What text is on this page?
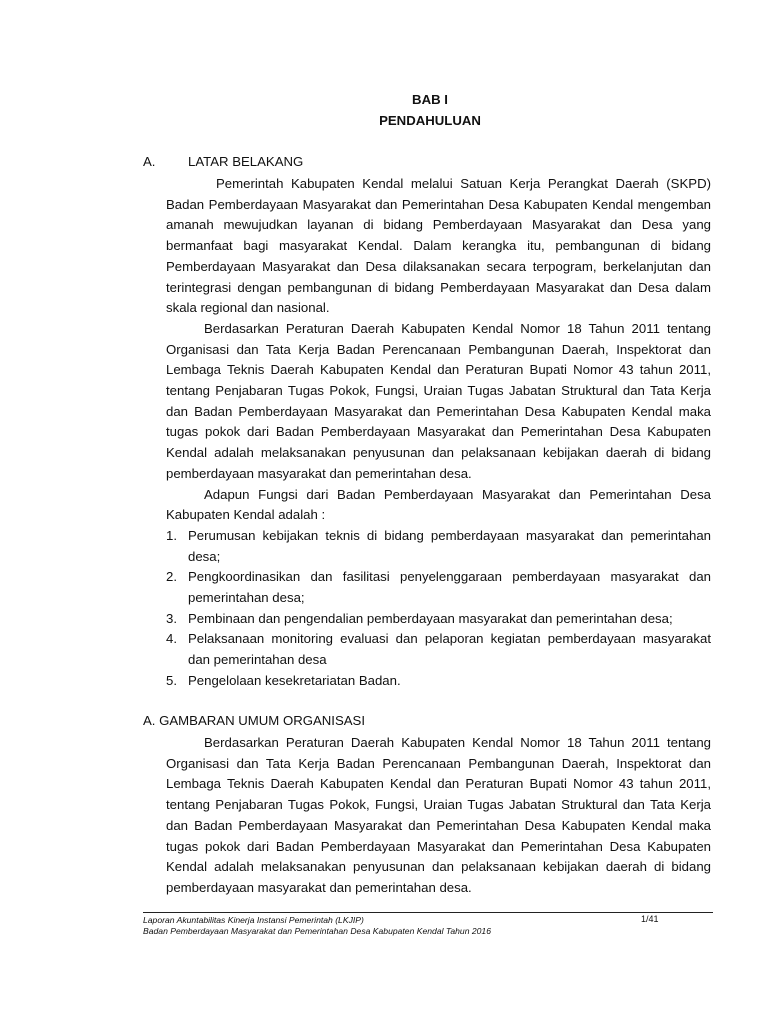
BAB I
PENDAHULUAN
A. LATAR BELAKANG

Pemerintah Kabupaten Kendal melalui Satuan Kerja Perangkat Daerah (SKPD) Badan Pemberdayaan Masyarakat dan Pemerintahan Desa Kabupaten Kendal mengemban amanah mewujudkan layanan di bidang Pemberdayaan Masyarakat dan Desa yang bermanfaat bagi masyarakat Kendal. Dalam kerangka itu, pembangunan di bidang Pemberdayaan Masyarakat dan Desa dilaksanakan secara terpogram, berkelanjutan dan terintegrasi dengan pembangunan di bidang Pemberdayaan Masyarakat dan Desa dalam skala regional dan nasional.

Berdasarkan Peraturan Daerah Kabupaten Kendal Nomor 18 Tahun 2011 tentang Organisasi dan Tata Kerja Badan Perencanaan Pembangunan Daerah, Inspektorat dan Lembaga Teknis Daerah Kabupaten Kendal dan Peraturan Bupati Nomor 43 tahun 2011, tentang Penjabaran Tugas Pokok, Fungsi, Uraian Tugas Jabatan Struktural dan Tata Kerja dan Badan Pemberdayaan Masyarakat dan Pemerintahan Desa Kabupaten Kendal maka tugas pokok dari Badan Pemberdayaan Masyarakat dan Pemerintahan Desa Kabupaten Kendal adalah melaksanakan penyusunan dan pelaksanaan kebijakan daerah di bidang pemberdayaan masyarakat dan pemerintahan desa.

Adapun Fungsi dari Badan Pemberdayaan Masyarakat dan Pemerintahan Desa Kabupaten Kendal adalah :

1. Perumusan kebijakan teknis di bidang pemberdayaan masyarakat dan pemerintahan desa;
2. Pengkoordinasikan dan fasilitasi penyelenggaraan pemberdayaan masyarakat dan pemerintahan desa;
3. Pembinaan dan pengendalian pemberdayaan masyarakat dan pemerintahan desa;
4. Pelaksanaan monitoring evaluasi dan pelaporan kegiatan pemberdayaan masyarakat dan pemerintahan desa
5. Pengelolaan kesekretariatan Badan.
A. GAMBARAN UMUM ORGANISASI

Berdasarkan Peraturan Daerah Kabupaten Kendal Nomor 18 Tahun 2011 tentang Organisasi dan Tata Kerja Badan Perencanaan Pembangunan Daerah, Inspektorat dan Lembaga Teknis Daerah Kabupaten Kendal dan Peraturan Bupati Nomor 43 tahun 2011, tentang Penjabaran Tugas Pokok, Fungsi, Uraian Tugas Jabatan Struktural dan Tata Kerja dan Badan Pemberdayaan Masyarakat dan Pemerintahan Desa Kabupaten Kendal maka tugas pokok dari Badan Pemberdayaan Masyarakat dan Pemerintahan Desa Kabupaten Kendal adalah melaksanakan penyusunan dan pelaksanaan kebijakan daerah di bidang pemberdayaan masyarakat dan pemerintahan desa.

Laporan Akuntabilitas Kinerja Instansi Pemerintah (LKJIP)
Badan Pemberdayaan Masyarakat dan Pemerintahan Desa Kabupaten Kendal Tahun 2016
1/41
